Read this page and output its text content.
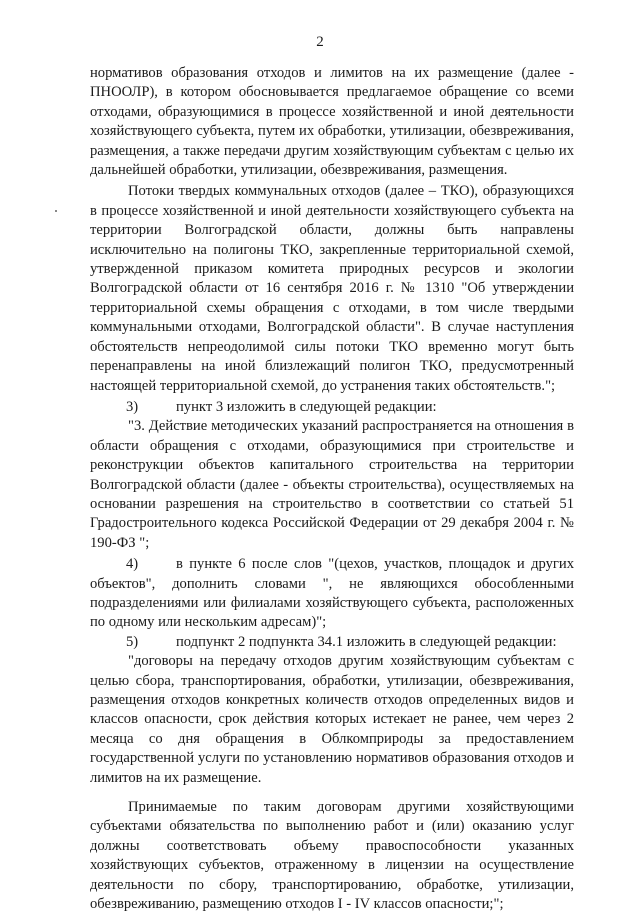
2

нормативов образования отходов и лимитов на их размещение (далее - ПНООЛР), в котором обосновывается предлагаемое обращение со всеми отходами, образующимися в процессе хозяйственной и иной деятельности хозяйствующего субъекта, путем их обработки, утилизации, обезвреживания, размещения, а также передачи другим хозяйствующим субъектам с целью их дальнейшей обработки, утилизации, обезвреживания, размещения.

Потоки твердых коммунальных отходов (далее – ТКО), образующихся в процессе хозяйственной и иной деятельности хозяйствующего субъекта на территории Волгоградской области, должны быть направлены исключительно на полигоны ТКО, закрепленные территориальной схемой, утвержденной приказом комитета природных ресурсов и экологии Волгоградской области от 16 сентября 2016 г. № 1310 "Об утверждении территориальной схемы обращения с отходами, в том числе твердыми коммунальными отходами, Волгоградской области". В случае наступления обстоятельств непреодолимой силы потоки ТКО временно могут быть перенаправлены на иной близлежащий полигон ТКО, предусмотренный настоящей территориальной схемой, до устранения таких обстоятельств.";

3)	пункт 3 изложить в следующей редакции:

"3. Действие методических указаний распространяется на отношения в области обращения с отходами, образующимися при строительстве и реконструкции объектов капитального строительства на территории Волгоградской области (далее - объекты строительства), осуществляемых на основании разрешения на строительство в соответствии со статьей 51 Градостроительного кодекса Российской Федерации от 29 декабря 2004 г. № 190-ФЗ ";

4)	в пункте 6 после слов "(цехов, участков, площадок и других объектов", дополнить словами ", не являющихся обособленными подразделениями или филиалами хозяйствующего субъекта, расположенных по одному или нескольким адресам)";

5)	подпункт 2 подпункта 34.1 изложить в следующей редакции:

"договоры на передачу отходов другим хозяйствующим субъектам с целью сбора, транспортирования, обработки, утилизации, обезвреживания, размещения отходов конкретных количеств отходов определенных видов и классов опасности, срок действия которых истекает не ранее, чем через 2 месяца со дня обращения в Облкомприроды за предоставлением государственной услуги по установлению нормативов образования отходов и лимитов на их размещение.

Принимаемые по таким договорам другими хозяйствующими субъектами обязательства по выполнению работ и (или) оказанию услуг должны соответствовать объему правоспособности указанных хозяйствующих субъектов, отраженному в лицензии на осуществление деятельности по сбору, транспортированию, обработке, утилизации, обезвреживанию, размещению отходов I - IV классов опасности;";
